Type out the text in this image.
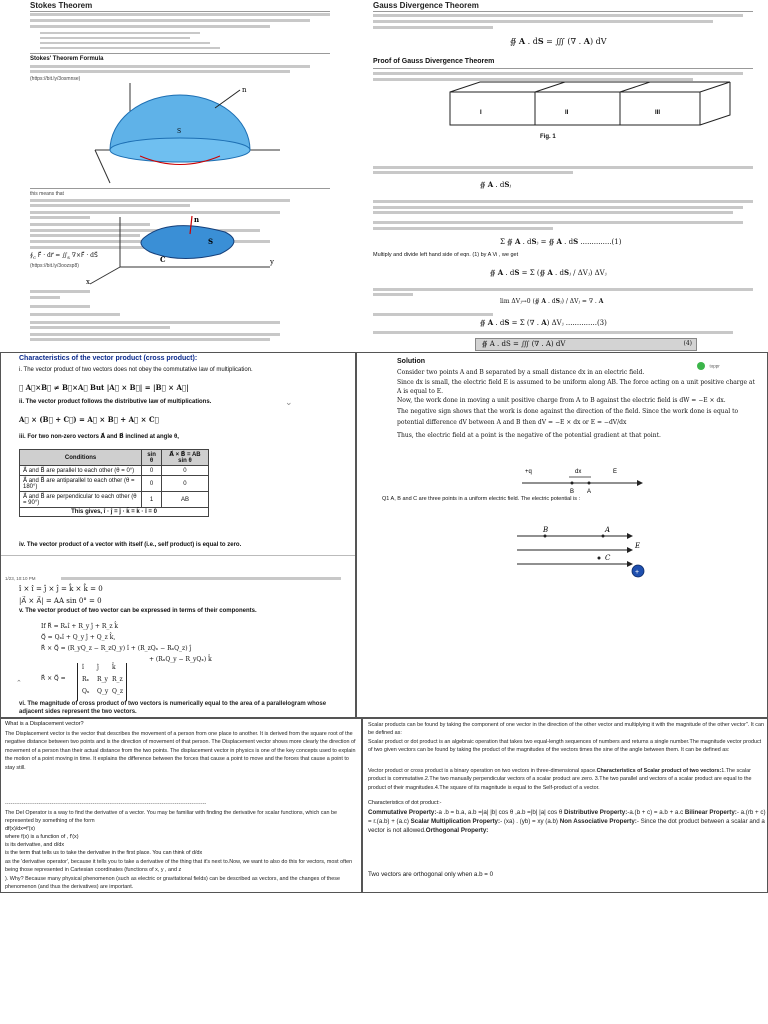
Stokes Theorem
Stokes' Theorem Formula
(https://bit.ly/3osmnse)
n
S
this means that
$∮_c$ F⃗ · dr⃗ = $∬_s$ ∇×F⃗ · dS⃗
(https://bit.ly/3oozsp8)
n
S
C
x
y
Gauss Divergence Theorem
∯ A . dS = ∭ (∇ . A) dV
Proof of Gauss Divergence Theorem
I	II	III
Fig. 1
∯ A . dSⱼ
Σ ∯ A . dSⱼ = ∯ A . dS ..............(1)
Multiply and divide left hand side of eqn. (1) by A Vi , we get
∯ A . dS = Σ (∯ A . dSⱼ / ΔVⱼ) ΔVⱼ
lim ΔVⱼ→0 (∯ A . dSⱼ) / ΔVⱼ = ∇ . A
∯ A . dS = Σ (∇ . A) ΔVⱼ ..............(3)
∯ A . dS = ∭ (∇ . A) dV	(4)
Characteristics of the vector product (cross product):
i. The vector product of two vectors does not obey the commutative law of multiplication.
∴ A⃗×B⃗ ≠ B⃗×A⃗ But |A⃗ × B⃗| = |B⃗ × A⃗|
ii. The vector product follows the distributive law of multiplications.	⌄
A⃗ × (B⃗ + C⃗) = A⃗ × B⃗ + A⃗ × C⃗
iii. For two non-zero vectors A⃗ and B⃗ inclined at angle θ,
Conditions	sin θ	A⃗ × B⃗ = AB sin θ
A⃗ and B⃗ are parallel to each other (θ = 0°)	0	0
A⃗ and B⃗ are antiparallel to each other (θ = 180°)	0	0
A⃗ and B⃗ are perpendicular to each other (θ = 90°)	1	AB
This gives, î · ĵ = ĵ · k̂ = k̂ · î = 0		
iv. The vector product of a vector with itself (i.e., self product) is equal to zero.
1/23, 10:10 PM
î × î = ĵ × ĵ = k̂ × k̂ = 0
|A⃗ × A⃗| = AA sin 0° = 0
v. The vector product of two vector can be expressed in terms of their components.
If R⃗ = Rₓî + R_y ĵ + R_z k̂
Q⃗ = Qₓî + Q_y ĵ + Q_z k̂,
R⃗ × Q⃗ = (R_yQ_z − R_zQ_y) î + (R_zQₓ − RₓQ_z) ĵ
+ (RₓQ_y − R_yQₓ) k̂
⌃
R⃗ × Q⃗ =
î ĵ k̂
Rₓ R_y R_z
Qₓ Q_y Q_z
vi. The magnitude of cross product of two vectors is numerically equal to the area of a parallelogram whose adjacent sides represent the two vectors.
Solution
toppr
Consider two points A and B separated by a small distance dx in an electric field.
Since dx is small, the electric field E is assumed to be uniform along AB. The force acting on a unit positive charge at A is equal to E.
Now, the work done in moving a unit positive charge from A to B against the electric field is dW = −E × dx.
The negative sign shows that the work is done against the direction of the field. Since the work done is equal to
potential difference dV between A and B then dV = −E × dx or E = −dV/dx
Thus, the electric field at a point is the negative of the potential gradient at that point.
+q	dx	E
B A
Q1 A, B and C are three points in a uniform electric field. The electric potential is :
B	A
C
E
+
What is a Displacement vector?
The Displacement vector is the vector that describes the movement of a person from one place to another. It is derived from the square root of the negative distance between two points and is the direction of movement of that person. The Displacement vector shows more clearly the direction of movement of a person than their actual distance from the two points. The displacement vector in physics is one of the key concepts used to explain the motion of a point moving in time. It explains the difference between the forces that cause a point to move and the forces that cause a point to stay still.
------------------------------------------------------------------------------------------------------------
The Del Operator is a way to find the derivative of a vector. You may be familiar with finding the derivative for scalar functions, which can be represented by something of the form
df(x)/dx=f'(x)
where f(x) is a function of , f'(x)
is its derivative, and d/dx
is the term that tells us to take the derivative in the first place. You can think of d/dx
as the 'derivative operator', because it tells you to take a derivative of the thing that it's next to.Now, we want to also do this for vectors, most often being those represented in Cartesian coordinates (functions of x, y , and z
). Why? Because many physical phenomenon (such as electric or gravitational fields) can be described as vectors, and the changes of these phenomenon (and thus the derivatives) are important.
Scalar products can be found by taking the component of one vector in the direction of the other vector and multiplying it with the magnitude of the other vector". It can be defined as:
Scalar product or dot product is an algebraic operation that takes two equal-length sequences of numbers and returns a single number.The magnitude vector product of two given vectors can be found by taking the product of the magnitudes of the vectors times the sine of the angle between them. It can be defined as:
Vector product or cross product is a binary operation on two vectors in three-dimensional space.Characteristics of Scalar product of two vectors:1.The scalar product is commutative.2.The two manually perpendicular vectors of a scalar product are zero. 3.The two parallel and vectors of a scalar product are equal to the product of their magnitudes.4.The square of its magnitude is equal to the Self-product of a vector.
Characteristics of dot product:-
Commutative Property:-a .b = b.a, a.b =|a| |b| cos θ ,a.b =|b| |a| cos θ Distributive Property:-a.(b + c) = a.b + a.c Bilinear Property:- a.(rb + c) = r.(a.b) + (a.c) Scalar Multiplication Property:- (xa) . (yb) = xy (a.b) Non Associative Property:- Since the dot product between a scalar and a vector is not allowed.Orthogonal Property:
Two vectors are orthogonal only when a.b = 0
